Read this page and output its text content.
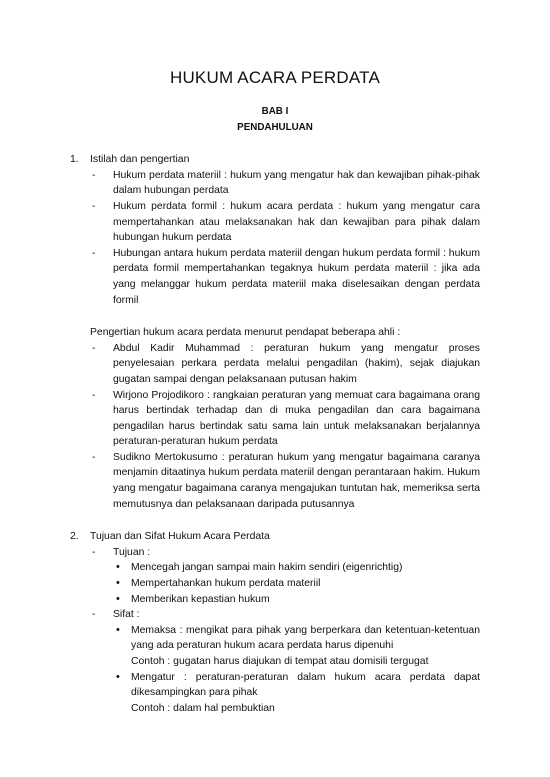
HUKUM ACARA PERDATA

BAB I

PENDAHULUAN

1.	Istilah dan pengertian
- Hukum perdata materiil : hukum yang mengatur hak dan kewajiban pihak-pihak dalam hubungan perdata
- Hukum perdata formil : hukum acara perdata : hukum yang mengatur cara mempertahankan atau melaksanakan hak dan kewajiban para pihak dalam hubungan hukum perdata
- Hubungan antara hukum perdata materiil dengan hukum perdata formil : hukum perdata formil mempertahankan tegaknya hukum perdata materiil : jika ada yang melanggar hukum perdata materiil maka diselesaikan dengan perdata formil
Pengertian hukum acara perdata menurut pendapat beberapa ahli :
- Abdul Kadir Muhammad : peraturan hukum yang mengatur proses penyelesaian perkara perdata melalui pengadilan (hakim), sejak diajukan gugatan sampai dengan pelaksanaan putusan hakim
- Wirjono Projodikoro : rangkaian peraturan yang memuat cara bagaimana orang harus bertindak terhadap dan di muka pengadilan dan cara bagaimana pengadilan harus bertindak satu sama lain untuk melaksanakan berjalannya peraturan-peraturan hukum perdata
- Sudikno Mertokusumo : peraturan hukum yang mengatur bagaimana caranya menjamin ditaatinya hukum perdata materiil dengan perantaraan hakim. Hukum yang mengatur bagaimana caranya mengajukan tuntutan hak, memeriksa serta memutusnya dan pelaksanaan daripada putusannya
2.	Tujuan dan Sifat Hukum Acara Perdata
- Tujuan :
• Mencegah jangan sampai main hakim sendiri (eigenrichtig)
• Mempertahankan hukum perdata materiil
• Memberikan kepastian hukum
- Sifat :
• Memaksa : mengikat para pihak yang berperkara dan ketentuan-ketentuan yang ada peraturan hukum acara perdata harus dipenuhi
Contoh : gugatan harus diajukan di tempat atau domisili tergugat
• Mengatur : peraturan-peraturan dalam hukum acara perdata dapat dikesampingkan para pihak
Contoh : dalam hal pembuktian
